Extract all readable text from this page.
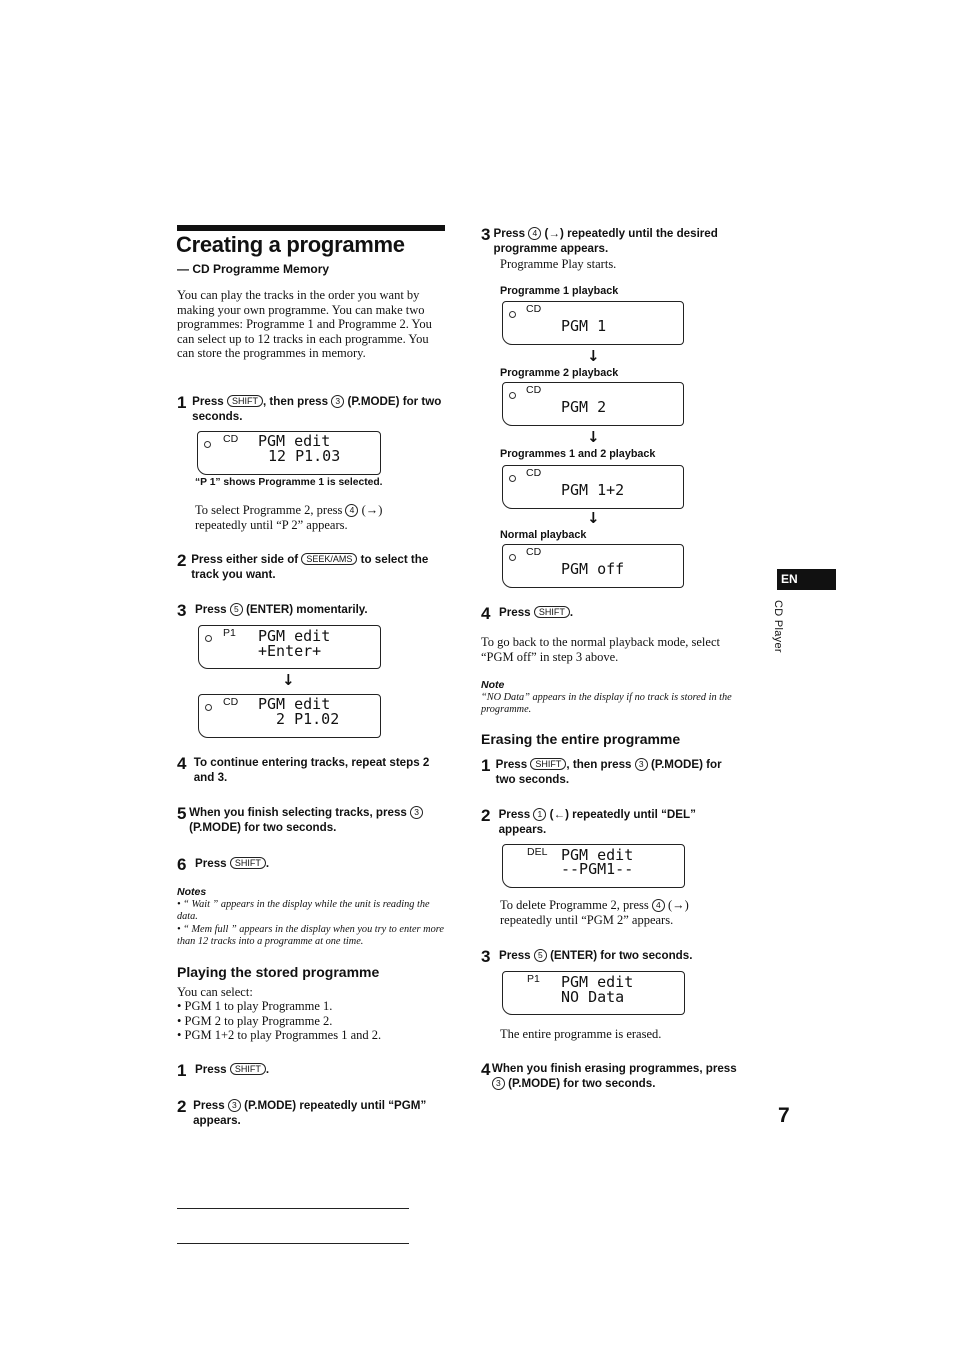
Creating a programme
— CD Programme Memory
You can play the tracks in the order you want by making your own programme. You can make two programmes: Programme 1 and Programme 2. You can select up to 12 tracks in each programme. You can store the programmes in memory.
1 Press SHIFT , then press 3 (P.MODE) for two seconds.
CD PGM edit
12 P1.03
“P 1” shows Programme 1 is selected.
To select Programme 2, press 4 (→) repeatedly until “P 2” appears.
2 Press either side of SEEK/AMS to select the track you want.
3 Press 5 (ENTER) momentarily.
P1 PGM edit
+Enter+
↓
CD PGM edit
2 P1.02
4 To continue entering tracks, repeat steps 2 and 3.
5 When you finish selecting tracks, press 3 (P.MODE) for two seconds.
6 Press SHIFT .
Notes
• “ Wait ” appears in the display while the unit is reading the data.
• “ Mem full ” appears in the display when you try to enter more than 12 tracks into a programme at one time.
Playing the stored programme
You can select:
• PGM 1 to play Programme 1.
• PGM 2 to play Programme 2.
• PGM 1+2 to play Programmes 1 and 2.
1 Press SHIFT .
2 Press 3 (P.MODE) repeatedly until “PGM” appears.
3 Press 4 (→) repeatedly until the desired programme appears.
Programme Play starts.
Programme 1 playback
CD
PGM 1
↓
Programme 2 playback
CD
PGM 2
↓
Programmes 1 and 2 playback
CD
PGM 1+2
↓
Normal playback
CD
PGM off
4 Press SHIFT .
To go back to the normal playback mode, select “PGM off” in step 3 above.
Note
“NO Data” appears in the display if no track is stored in the programme.
Erasing the entire programme
1 Press SHIFT , then press 3 (P.MODE) for two seconds.
2 Press 1 (←) repeatedly until “DEL” appears.
DEL PGM edit
--PGM1--
To delete Programme 2, press 4 (→) repeatedly until “PGM 2” appears.
3 Press 5 (ENTER) for two seconds.
P1 PGM edit
NO Data
The entire programme is erased.
4 When you finish erasing programmes, press 3 (P.MODE) for two seconds.
EN
CD Player
7
